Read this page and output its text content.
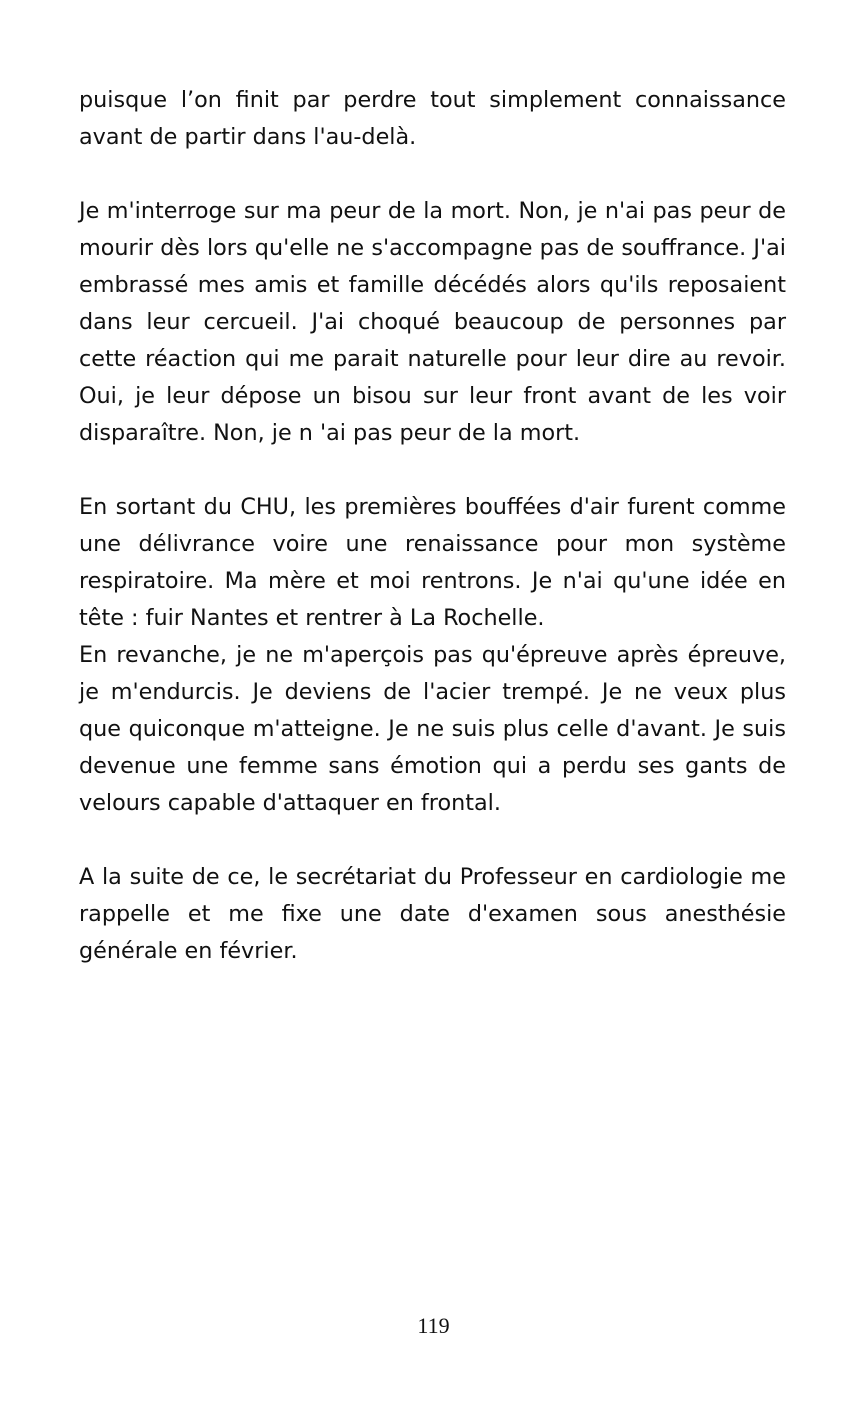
puisque l’on finit par perdre tout simplement connaissance avant de partir dans l'au-delà.

Je m'interroge sur ma peur de la mort. Non, je n'ai pas peur de mourir dès lors qu'elle ne s'accompagne pas de souffrance. J'ai embrassé mes amis et famille décédés alors qu'ils reposaient dans leur cercueil. J'ai choqué beaucoup de personnes par cette réaction qui me parait naturelle pour leur dire au revoir. Oui, je leur dépose un bisou sur leur front avant de les voir disparaître. Non, je n 'ai pas peur de la mort.

En sortant du CHU, les premières bouffées d'air furent comme une délivrance voire une renaissance pour mon système respiratoire. Ma mère et moi rentrons. Je n'ai qu'une idée en tête : fuir Nantes et rentrer à La Rochelle.

En revanche, je ne m'aperçois pas qu'épreuve après épreuve, je m'endurcis. Je deviens de l'acier trempé. Je ne veux plus que quiconque m'atteigne. Je ne suis plus celle d'avant. Je suis devenue une femme sans émotion qui a perdu ses gants de velours capable d'attaquer en frontal.

A la suite de ce, le secrétariat du Professeur en cardiologie me rappelle et me fixe une date d'examen sous anesthésie générale en février.

119
